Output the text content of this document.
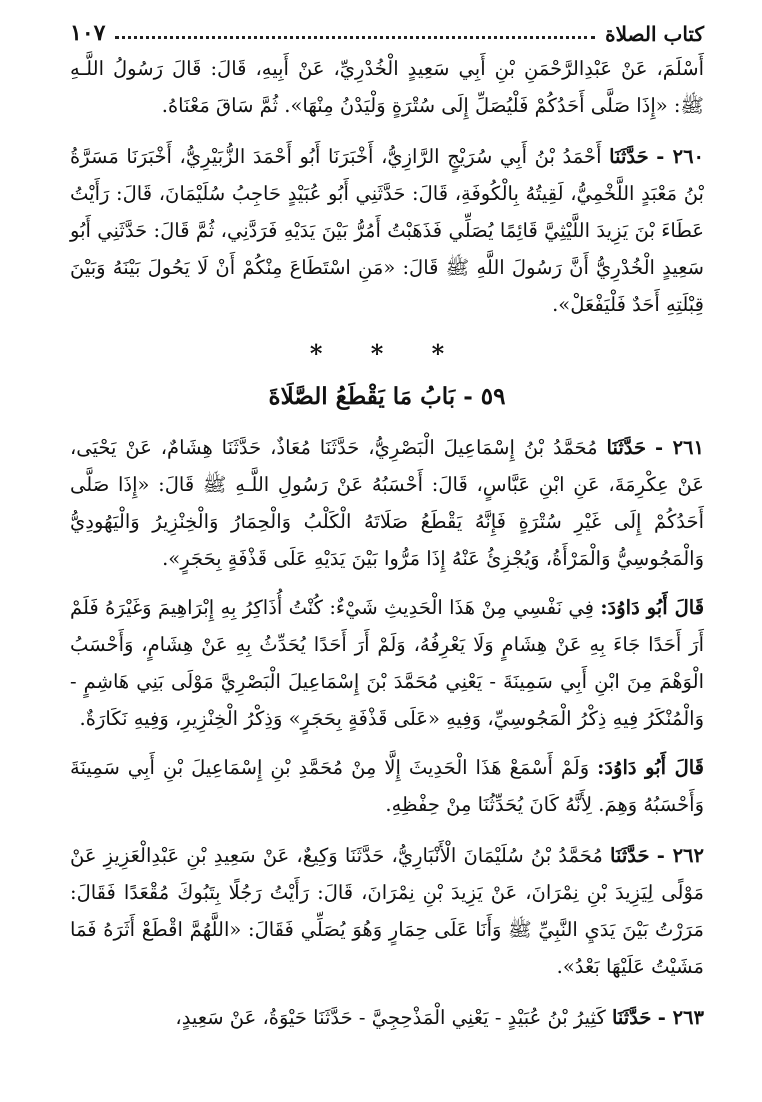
كتاب الصلاة
١٠٧

أَسْلَمَ، عَنْ عَبْدِالرَّحْمَنِ بْنِ أَبِي سَعِيدٍ الْخُدْرِيِّ، عَنْ أَبِيهِ، قَالَ: قَالَ رَسُولُ اللَّـهِ ﷺ: «إِذَا صَلَّى أَحَدُكُمْ فَلْيُصَلِّ إِلَى سُتْرَةٍ وَلْيَدْنُ مِنْهَا». ثُمَّ سَاقَ مَعْنَاهُ.

٢٦٠ - حَدَّثَنَا أَحْمَدُ بْنُ أَبِي سُرَيْجٍ الرَّازِيُّ، أَخْبَرَنَا أَبُو أَحْمَدَ الزُّبَيْرِيُّ، أَخْبَرَنَا مَسَرَّةُ بْنُ مَعْبَدٍ اللَّخْمِيُّ، لَقِيتُهُ بِالْكُوفَةِ، قَالَ: حَدَّثَنِي أَبُو عُبَيْدٍ حَاجِبُ سُلَيْمَانَ، قَالَ: رَأَيْتُ عَطَاءَ بْنَ يَزِيدَ اللَّيْثِيَّ قَائِمًا يُصَلِّي فَذَهَبْتُ أَمُرُّ بَيْنَ يَدَيْهِ فَرَدَّنِي، ثُمَّ قَالَ: حَدَّثَنِي أَبُو سَعِيدٍ الْخُدْرِيُّ أَنَّ رَسُولَ اللَّهِ ﷺ قَالَ: «مَنِ اسْتَطَاعَ مِنْكُمْ أَنْ لَا يَحُولَ بَيْنَهُ وَبَيْنَ قِبْلَتِهِ أَحَدٌ فَلْيَفْعَلْ».

* * *
٥٩ - بَابُ مَا يَقْطَعُ الصَّلَاةَ

٢٦١ - حَدَّثَنَا مُحَمَّدُ بْنُ إِسْمَاعِيلَ الْبَصْرِيُّ، حَدَّثَنَا مُعَاذٌ، حَدَّثَنَا هِشَامٌ، عَنْ يَحْيَى، عَنْ عِكْرِمَةَ، عَنِ ابْنِ عَبَّاسٍ، قَالَ: أَحْسَبُهُ عَنْ رَسُولِ اللَّـهِ ﷺ قَالَ: «إِذَا صَلَّى أَحَدُكُمْ إِلَى غَيْرِ سُتْرَةٍ فَإِنَّهُ يَقْطَعُ صَلَاتَهُ الْكَلْبُ وَالْحِمَارُ وَالْخِنْزِيرُ وَالْيَهُودِيُّ وَالْمَجُوسِيُّ وَالْمَرْأَةُ، وَيُجْزِئُ عَنْهُ إِذَا مَرُّوا بَيْنَ يَدَيْهِ عَلَى قَذْفَةٍ بِحَجَرٍ».

قَالَ أَبُو دَاوُدَ: فِي نَفْسِي مِنْ هَذَا الْحَدِيثِ شَيْءٌ: كُنْتُ أُذَاكِرُ بِهِ إِبْرَاهِيمَ وَغَيْرَهُ فَلَمْ أَرَ أَحَدًا جَاءَ بِهِ عَنْ هِشَامٍ وَلَا يَعْرِفُهُ، وَلَمْ أَرَ أَحَدًا يُحَدِّثُ بِهِ عَنْ هِشَامٍ، وَأَحْسَبُ الْوَهْمَ مِنَ ابْنِ أَبِي سَمِينَةَ - يَعْنِي مُحَمَّدَ بْنَ إِسْمَاعِيلَ الْبَصْرِيَّ مَوْلَى بَنِي هَاشِمٍ - وَالْمُنْكَرُ فِيهِ ذِكْرُ الْمَجُوسِيِّ، وَفِيهِ «عَلَى قَذْفَةٍ بِحَجَرٍ» وَذِكْرُ الْخِنْزِيرِ، وَفِيهِ نَكَارَةٌ.

قَالَ أَبُو دَاوُدَ: وَلَمْ أَسْمَعْ هَذَا الْحَدِيثَ إِلَّا مِنْ مُحَمَّدِ بْنِ إِسْمَاعِيلَ بْنِ أَبِي سَمِينَةَ وَأَحْسَبُهُ وَهِمَ. لِأَنَّهُ كَانَ يُحَدِّثُنَا مِنْ حِفْظِهِ.

٢٦٢ - حَدَّثَنَا مُحَمَّدُ بْنُ سُلَيْمَانَ الْأَنْبَارِيُّ، حَدَّثَنَا وَكِيعٌ، عَنْ سَعِيدِ بْنِ عَبْدِالْعَزِيزِ عَنْ مَوْلًى لِيَزِيدَ بْنِ نِمْرَانَ، عَنْ يَزِيدَ بْنِ نِمْرَانَ، قَالَ: رَأَيْتُ رَجُلًا بِتَبُوكَ مُقْعَدًا فَقَالَ: مَرَرْتُ بَيْنَ يَدَيِ النَّبِيِّ ﷺ وَأَنَا عَلَى حِمَارٍ وَهُوَ يُصَلِّي فَقَالَ: «اللَّهُمَّ اقْطَعْ أَثَرَهُ فَمَا مَشَيْتُ عَلَيْهَا بَعْدُ».

٢٦٣ - حَدَّثَنَا كَثِيرُ بْنُ عُبَيْدٍ - يَعْنِي الْمَذْحِجِيَّ - حَدَّثَنَا حَيْوَةُ، عَنْ سَعِيدٍ،
